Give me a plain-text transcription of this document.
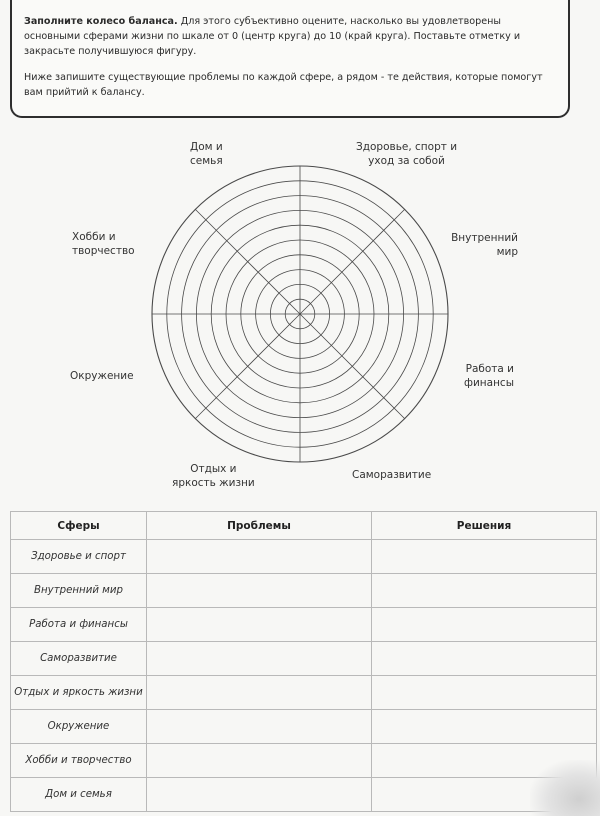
Заполните колесо баланса. Для этого субъективно оцените, насколько вы удовлетворены основными сферами жизни по шкале от 0 (центр круга) до 10 (край круга). Поставьте отметку и закрасьте получившуюся фигуру.

Ниже запишите существующие проблемы по каждой сфере, а рядом - те действия, которые помогут вам прийтий к балансу.

Дом и
семья
Здоровье, спорт и
уход за собой
Внутренний
мир
Работа и
финансы
Саморазвитие
Отдых и
яркость жизни
Окружение
Хобби и
творчество
Сферы	Проблемы	Решения
Здоровье и спорт		
Внутренний мир		
Работа и финансы		
Саморазвитие		
Отдых и яркость жизни		
Окружение		
Хобби и творчество		
Дом и семья		
